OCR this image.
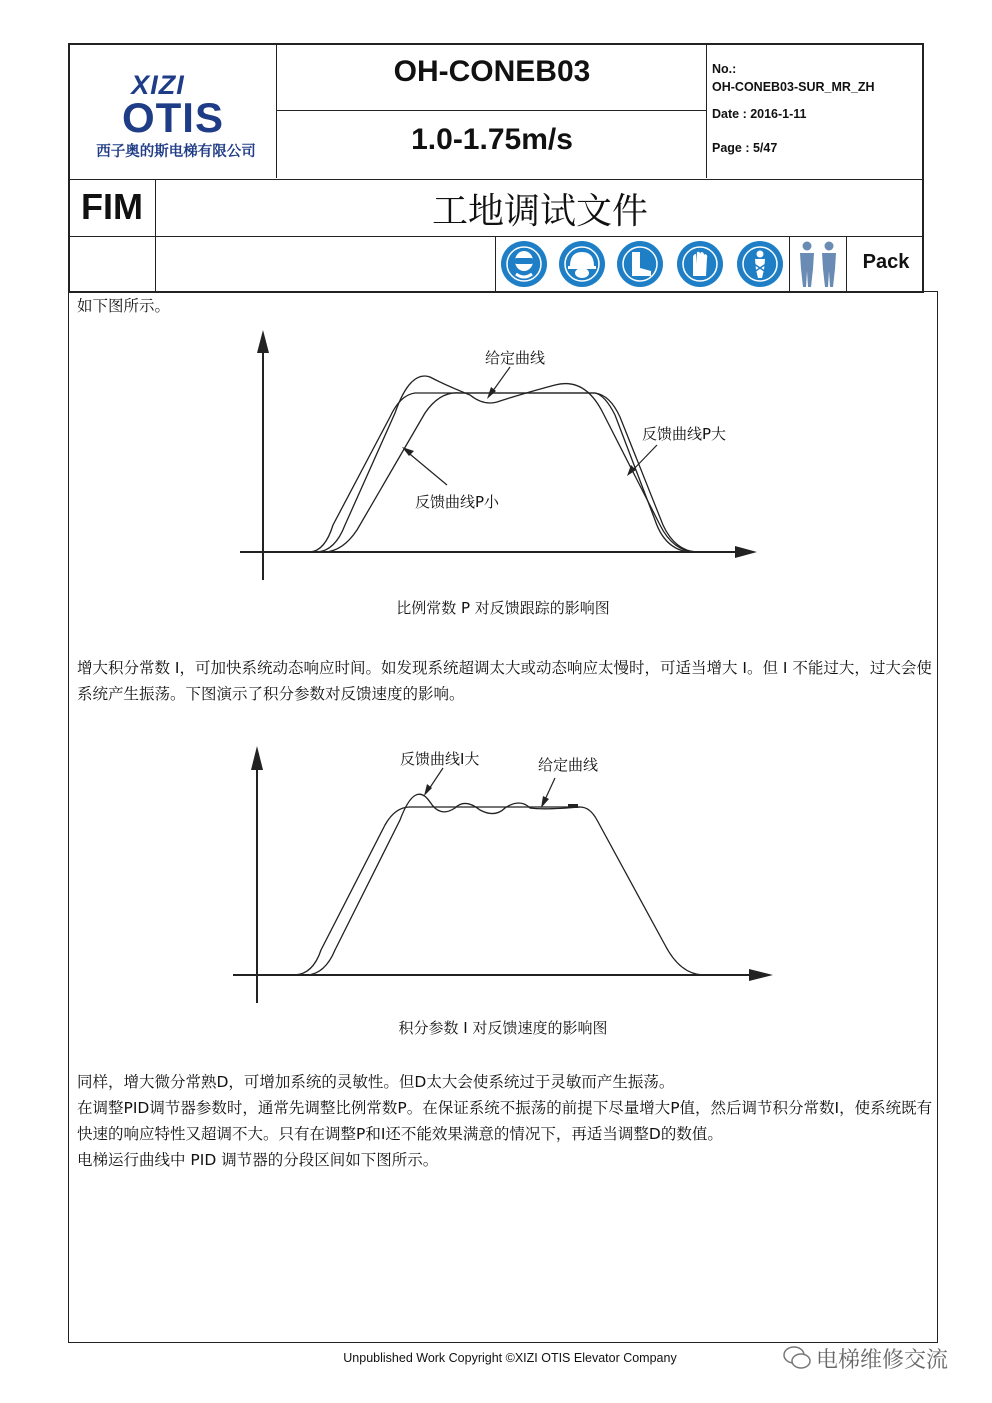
XIZI
OTIS
西子奥的斯电梯有限公司
OH-CONEB03
1.0-1.75m/s
No.:
OH-CONEB03-SUR_MR_ZH
Date : 2016-1-11
Page : 5/47
FIM	工地调试文件
Pack
如下图所示。
给定曲线
反馈曲线P大
反馈曲线P小
比例常数 P 对反馈跟踪的影响图
增大积分常数 I，可加快系统动态响应时间。如发现系统超调太大或动态响应太慢时，可适当增大 I。但 I 不能过大，过大会使系统产生振荡。下图演示了积分参数对反馈速度的影响。
反馈曲线I大	给定曲线
积分参数 I 对反馈速度的影响图
同样，增大微分常熟D，可增加系统的灵敏性。但D太大会使系统过于灵敏而产生振荡。
在调整PID调节器参数时，通常先调整比例常数P。在保证系统不振荡的前提下尽量增大P值，然后调节积分常数I，使系统既有快速的响应特性又超调不大。只有在调整P和I还不能效果满意的情况下，再适当调整D的数值。
电梯运行曲线中 PID 调节器的分段区间如下图所示。
Unpublished Work Copyright ©XIZI OTIS Elevator Company	电梯维修交流
